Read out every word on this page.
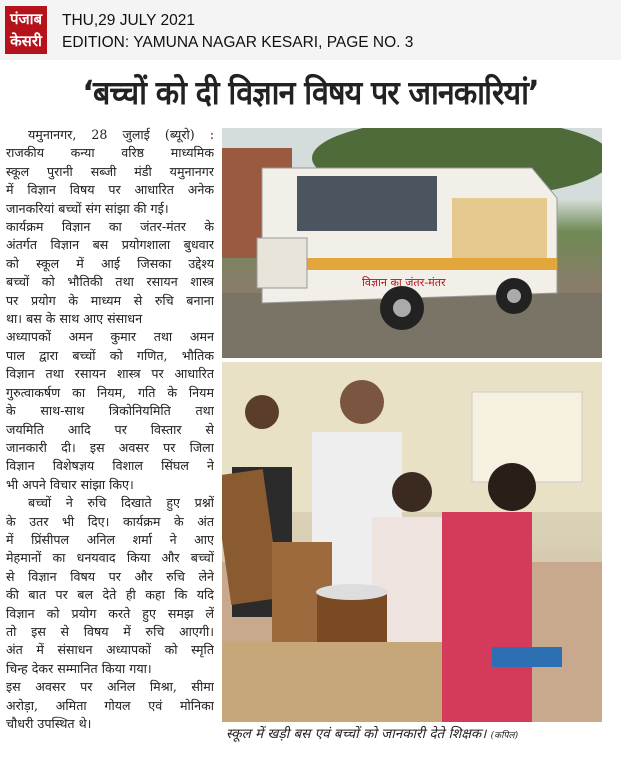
पंजाब
केसरी
THU,29 JULY 2021
EDITION: YAMUNA NAGAR KESARI, PAGE NO. 3
‘बच्चों को दी विज्ञान विषय पर जानकारियां’
यमुनानगर, 28 जुलाई (ब्यूरो) :
राजकीय कन्या वरिष्ठ माध्यमिक
स्कूल पुरानी सब्जी मंडी यमुनानगर
में विज्ञान विषय पर आधारित अनेक
जानकरियां बच्चों संग सांझा की गई।
कार्यक्रम विज्ञान का जंतर-मंतर के
अंतर्गत विज्ञान बस प्रयोगशाला बुधवार
को स्कूल में आई जिसका उद्देश्य
बच्चों को भौतिकी तथा रसायन शास्त्र
पर प्रयोग के माध्यम से रुचि बनाना
था। बस के साथ आए संसाधन
अध्यापकों अमन कुमार तथा अमन
पाल द्वारा बच्चों को गणित, भौतिक
विज्ञान तथा रसायन शास्त्र पर आधारित
गुरुत्वाकर्षण का नियम, गति के नियम
के साथ-साथ त्रिकोनियमिति तथा
जयमिति आदि पर विस्तार से
जानकारी दी। इस अवसर पर जिला
विज्ञान विशेषज्ञय विशाल सिंघल ने
भी अपने विचार सांझा किए।
बच्चों ने रुचि दिखाते हुए प्रश्नों
के उतर भी दिए। कार्यक्रम के अंत
में प्रिंसीपल अनिल शर्मा ने आए
मेहमानों का धनयवाद किया और बच्चों
से विज्ञान विषय पर और रुचि लेने
की बात पर बल देते ही कहा कि यदि
विज्ञान को प्रयोग करते हुए समझ लें
तो इस से विषय में रुचि आएगी।
अंत में संसाधन अध्यापकों को स्मृति
चिन्ह देकर सम्मानित किया गया।
इस अवसर पर अनिल मिश्रा, सीमा
अरोड़ा, अमिता गोयल एवं मोनिका
चौधरी उपस्थित थे।
विज्ञान का जंतर-मंतर
स्कूल में खड़ी बस एवं बच्चों को जानकारी देते शिक्षक। (कपिल)
